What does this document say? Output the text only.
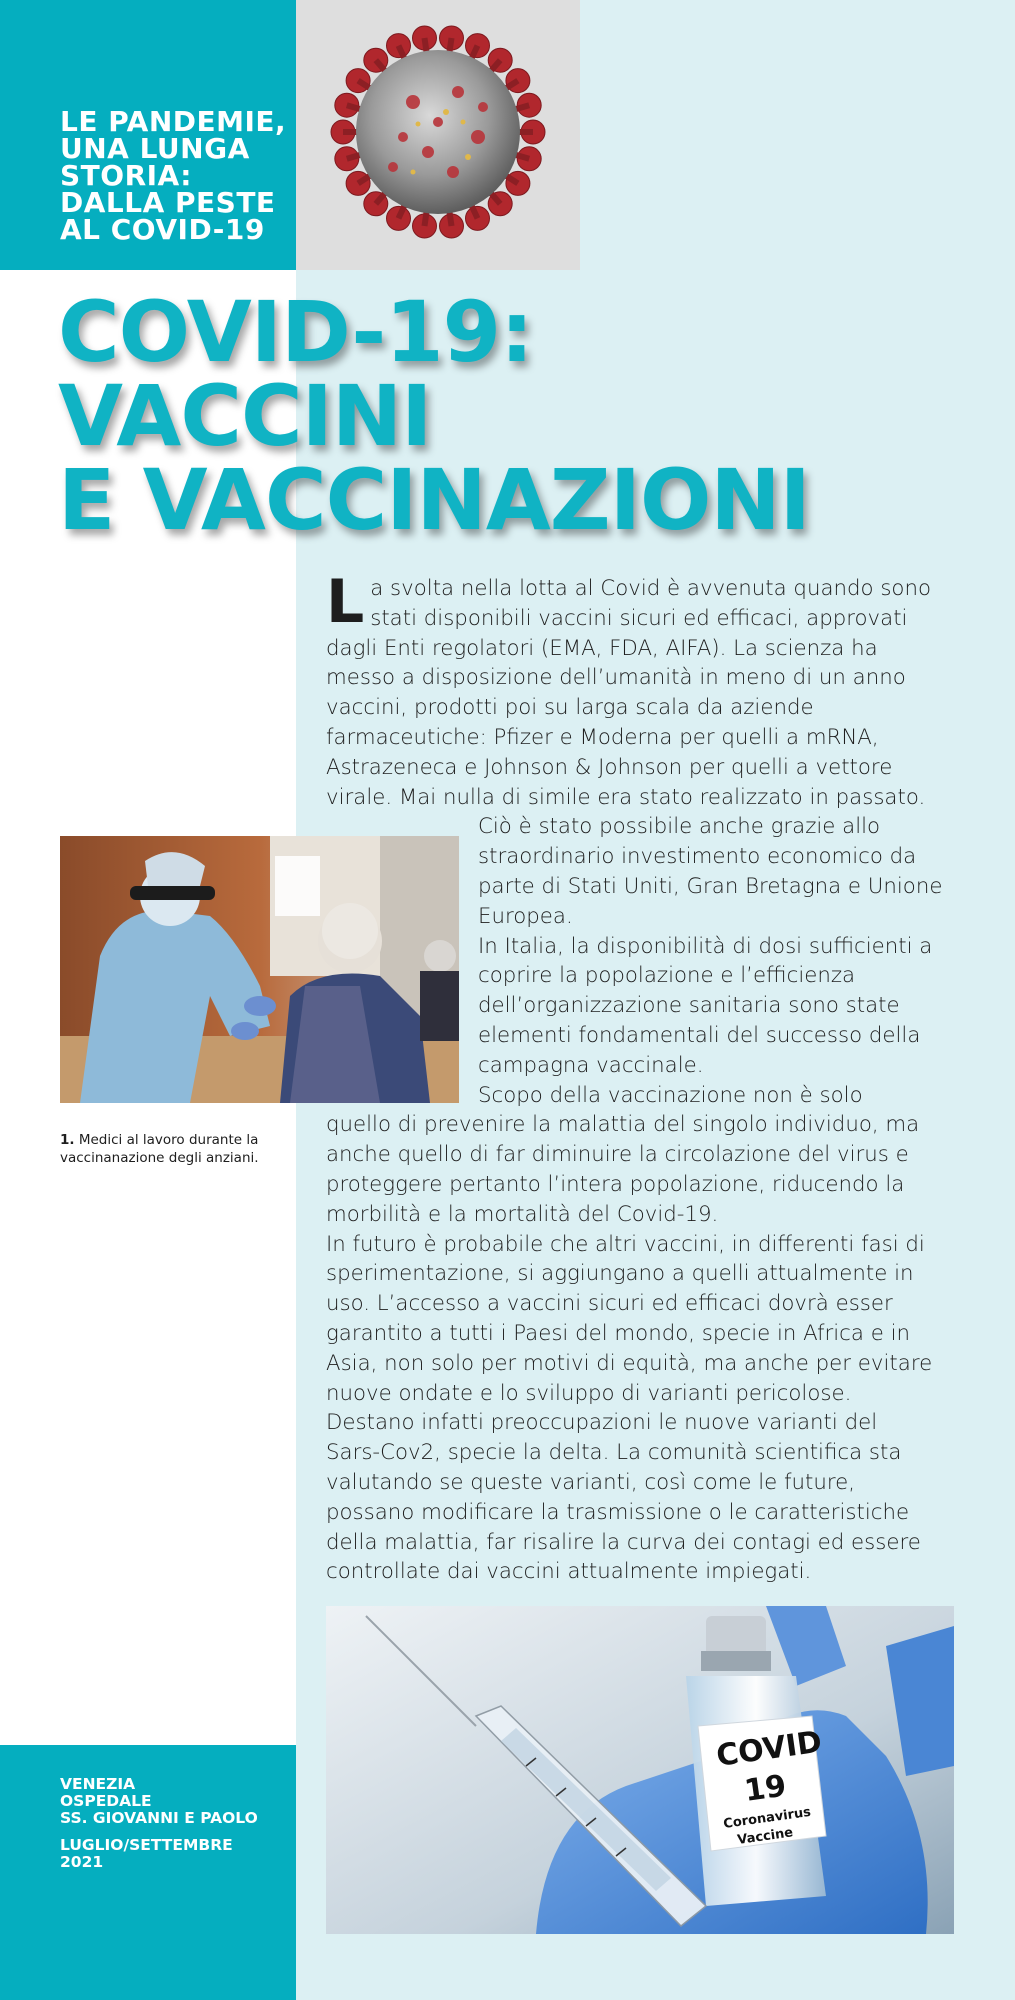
LE PANDEMIE,
UNA LUNGA
STORIA:
DALLA PESTE
AL COVID-19
COVID-19:
VACCINI
E VACCINAZIONI
L a svolta nella lotta al Covid è avvenuta quando sono
stati disponibili vaccini sicuri ed efficaci, approvati
dagli Enti regolatori (EMA, FDA, AIFA). La scienza ha
messo a disposizione dell’umanità in meno di un anno
vaccini, prodotti poi su larga scala da aziende
farmaceutiche: Pfizer e Moderna per quelli a mRNA,
Astrazeneca e Johnson & Johnson per quelli a vettore
virale. Mai nulla di simile era stato realizzato in passato.
Ciò è stato possibile anche grazie allo
straordinario investimento economico da
parte di Stati Uniti, Gran Bretagna e Unione
Europea.
In Italia, la disponibilità di dosi sufficienti a
coprire la popolazione e l’efficienza
dell’organizzazione sanitaria sono state
elementi fondamentali del successo della
campagna vaccinale.
Scopo della vaccinazione non è solo
quello di prevenire la malattia del singolo individuo, ma
anche quello di far diminuire la circolazione del virus e
proteggere pertanto l’intera popolazione, riducendo la
morbilità e la mortalità del Covid-19.
In futuro è probabile che altri vaccini, in differenti fasi di
sperimentazione, si aggiungano a quelli attualmente in
uso. L’accesso a vaccini sicuri ed efficaci dovrà esser
garantito a tutti i Paesi del mondo, specie in Africa e in
Asia, non solo per motivi di equità, ma anche per evitare
nuove ondate e lo sviluppo di varianti pericolose.
Destano infatti preoccupazioni le nuove varianti del
Sars-Cov2, specie la delta. La comunità scientifica sta
valutando se queste varianti, così come le future,
possano modificare la trasmissione o le caratteristiche
della malattia, far risalire la curva dei contagi ed essere
controllate dai vaccini attualmente impiegati.
1. Medici al lavoro durante la vaccinanazione degli anziani.
COVID
19
Coronavirus
Vaccine
VENEZIA
OSPEDALE
SS. GIOVANNI E PAOLO
LUGLIO/SETTEMBRE
2021
